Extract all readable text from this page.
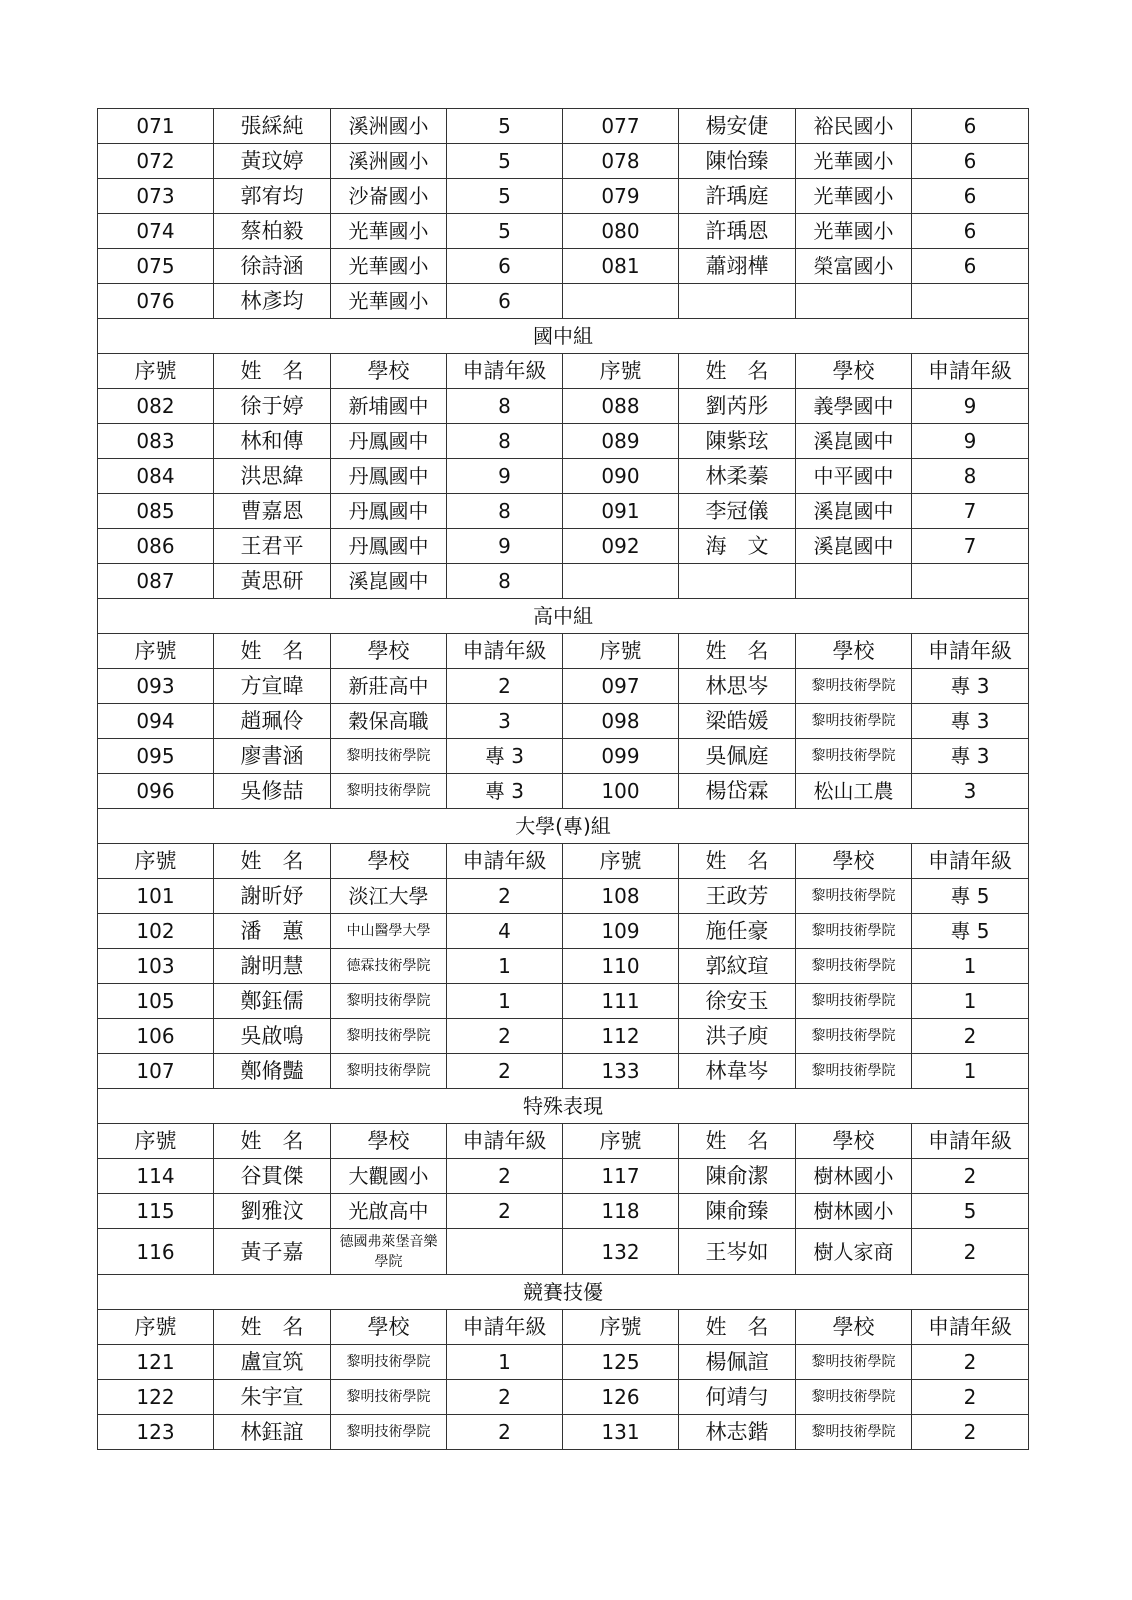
071	張綵純	溪洲國小	5	077	楊安倢	裕民國小	6
072	黃玟婷	溪洲國小	5	078	陳怡臻	光華國小	6
073	郭宥均	沙崙國小	5	079	許瑀庭	光華國小	6
074	蔡柏毅	光華國小	5	080	許瑀恩	光華國小	6
075	徐詩涵	光華國小	6	081	蕭翊樺	榮富國小	6
076	林彥均	光華國小	6				
國中組							
序號	姓　名	學校	申請年級	序號	姓　名	學校	申請年級
082	徐于婷	新埔國中	8	088	劉芮彤	義學國中	9
083	林和傳	丹鳳國中	8	089	陳紫玹	溪崑國中	9
084	洪思緯	丹鳳國中	9	090	林柔蓁	中平國中	8
085	曹嘉恩	丹鳳國中	8	091	李冠儀	溪崑國中	7
086	王君平	丹鳳國中	9	092	海　文	溪崑國中	7
087	黃思研	溪崑國中	8				
高中組							
序號	姓　名	學校	申請年級	序號	姓　名	學校	申請年級
093	方宣暐	新莊高中	2	097	林思岑	黎明技術學院	專 3
094	趙珮伶	穀保高職	3	098	梁皓媛	黎明技術學院	專 3
095	廖書涵	黎明技術學院	專 3	099	吳佩庭	黎明技術學院	專 3
096	吳修喆	黎明技術學院	專 3	100	楊岱霖	松山工農	3
大學(專)組							
序號	姓　名	學校	申請年級	序號	姓　名	學校	申請年級
101	謝昕妤	淡江大學	2	108	王政芳	黎明技術學院	專 5
102	潘　蕙	中山醫學大學	4	109	施任豪	黎明技術學院	專 5
103	謝明慧	德霖技術學院	1	110	郭紋瑄	黎明技術學院	1
105	鄭鈺儒	黎明技術學院	1	111	徐安玉	黎明技術學院	1
106	吳啟鳴	黎明技術學院	2	112	洪子庾	黎明技術學院	2
107	鄭脩豔	黎明技術學院	2	133	林韋岑	黎明技術學院	1
特殊表現							
序號	姓　名	學校	申請年級	序號	姓　名	學校	申請年級
114	谷貫傑	大觀國小	2	117	陳俞潔	樹林國小	2
115	劉雅汶	光啟高中	2	118	陳俞臻	樹林國小	5
116	黃子嘉	德國弗萊堡音樂學院		132	王岑如	樹人家商	2
競賽技優							
序號	姓　名	學校	申請年級	序號	姓　名	學校	申請年級
121	盧宣筑	黎明技術學院	1	125	楊佩諠	黎明技術學院	2
122	朱宇宣	黎明技術學院	2	126	何靖勻	黎明技術學院	2
123	林鈺誼	黎明技術學院	2	131	林志鍇	黎明技術學院	2
